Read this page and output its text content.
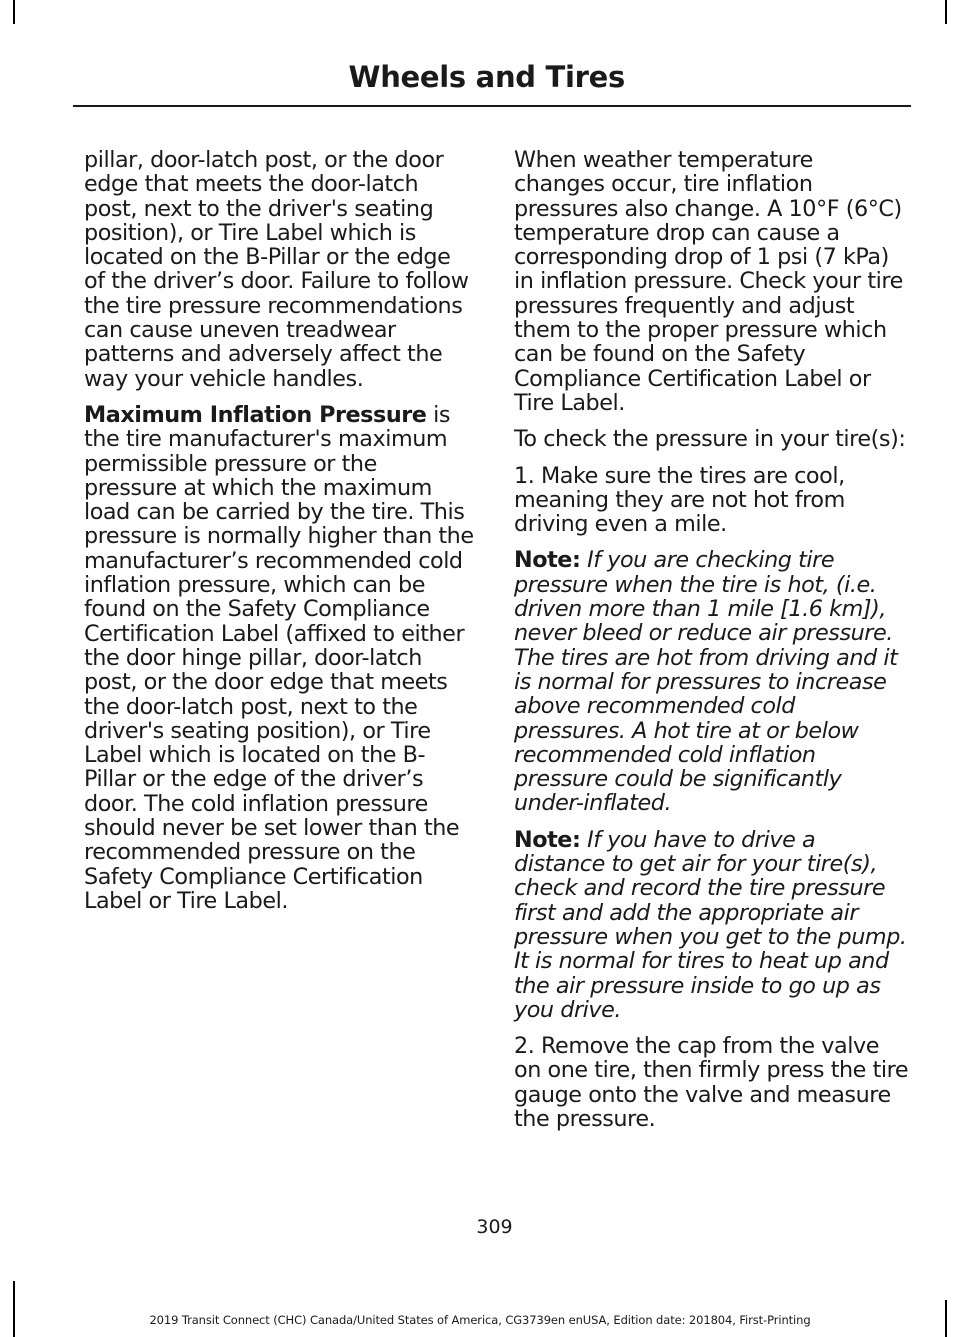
Wheels and Tires

pillar, door-latch post, or the door edge that meets the door-latch post, next to the driver's seating position), or Tire Label which is located on the B-Pillar or the edge of the driver’s door. Failure to follow the tire pressure recommendations can cause uneven treadwear patterns and adversely affect the way your vehicle handles.

Maximum Inflation Pressure is the tire manufacturer's maximum permissible pressure or the pressure at which the maximum load can be carried by the tire. This pressure is normally higher than the manufacturer’s recommended cold inflation pressure, which can be found on the Safety Compliance Certification Label (affixed to either the door hinge pillar, door-latch post, or the door edge that meets the door-latch post, next to the driver's seating position), or Tire Label which is located on the B-Pillar or the edge of the driver’s door. The cold inflation pressure should never be set lower than the recommended pressure on the Safety Compliance Certification Label or Tire Label.

When weather temperature changes occur, tire inflation pressures also change. A 10°F (6°C) temperature drop can cause a corresponding drop of 1 psi (7 kPa) in inflation pressure. Check your tire pressures frequently and adjust them to the proper pressure which can be found on the Safety Compliance Certification Label or Tire Label.

To check the pressure in your tire(s):

1. Make sure the tires are cool, meaning they are not hot from driving even a mile.

Note: If you are checking tire pressure when the tire is hot, (i.e. driven more than 1 mile [1.6 km]), never bleed or reduce air pressure. The tires are hot from driving and it is normal for pressures to increase above recommended cold pressures. A hot tire at or below recommended cold inflation pressure could be significantly under-inflated.

Note: If you have to drive a distance to get air for your tire(s), check and record the tire pressure first and add the appropriate air pressure when you get to the pump. It is normal for tires to heat up and the air pressure inside to go up as you drive.

2. Remove the cap from the valve on one tire, then firmly press the tire gauge onto the valve and measure the pressure.

309
2019 Transit Connect (CHC) Canada/United States of America, CG3739en enUSA, Edition date: 201804, First-Printing
